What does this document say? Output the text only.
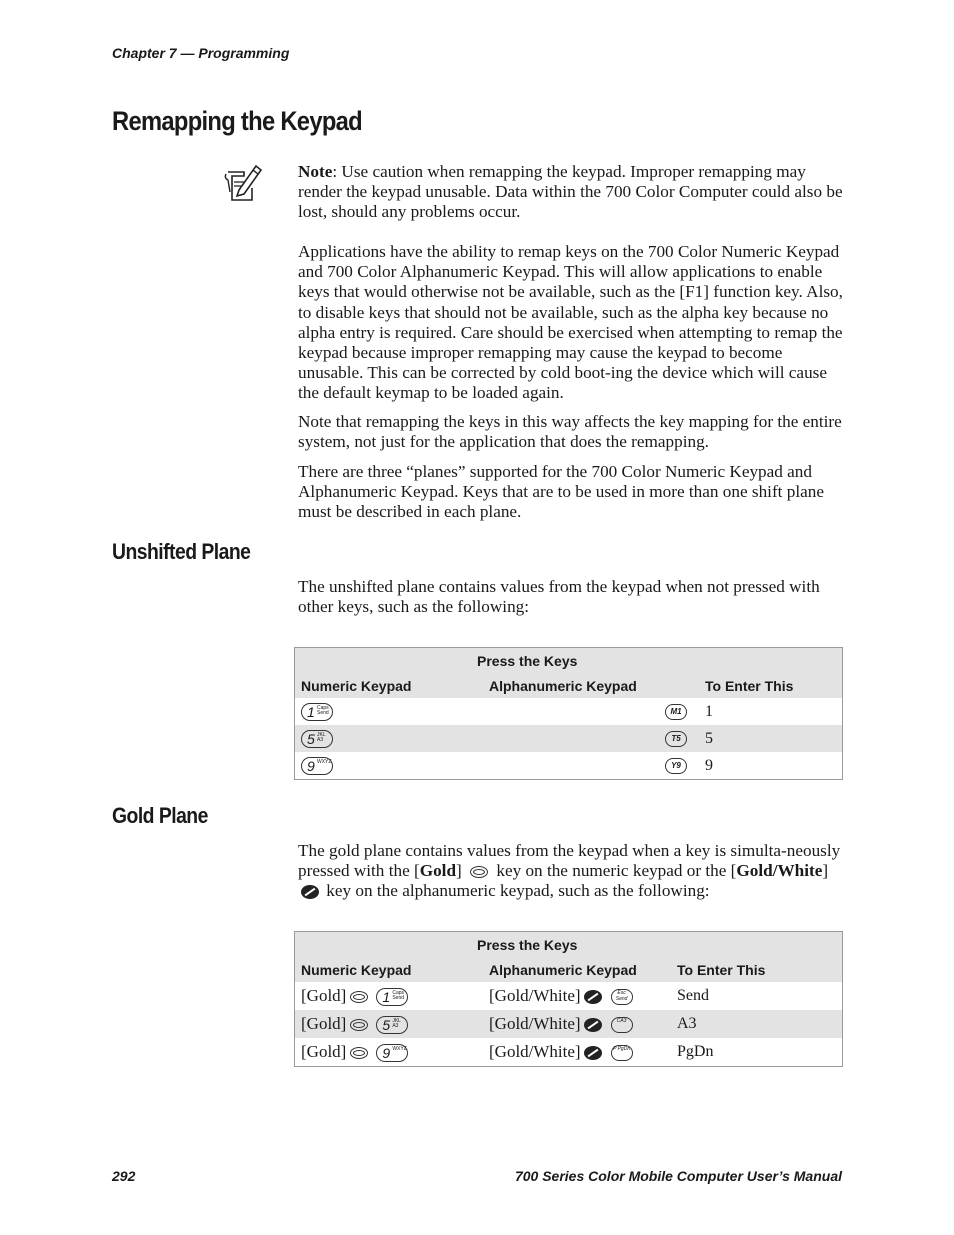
Chapter 7 — Programming
Remapping the Keypad

Note: Use caution when remapping the keypad. Improper remapping may render the keypad unusable. Data within the 700 Color Computer could also be lost, should any problems occur.

Applications have the ability to remap keys on the 700 Color Numeric Keypad and 700 Color Alphanumeric Keypad. This will allow applications to enable keys that would otherwise not be available, such as the [F1] function key. Also, to disable keys that should not be available, such as the alpha key because no alpha entry is required. Care should be exercised when attempting to remap the keypad because improper remapping may cause the keypad to become unusable. This can be corrected by cold boot-ing the device which will cause the default keymap to be loaded again.

Note that remapping the keys in this way affects the key mapping for the entire system, not just for the application that does the remapping.

There are three “planes” supported for the 700 Color Numeric Keypad and Alphanumeric Keypad. Keys that are to be used in more than one shift plane must be described in each plane.

Unshifted Plane

The unshifted plane contains values from the keypad when not pressed with other keys, such as the following:

	Press the Keys	
Numeric Keypad	Alphanumeric Keypad	To Enter This

1 Caps Send	M1	1

5 JKL A3	T5	5

9 WXYZ	Y9	9
Gold Plane

The gold plane contains values from the keypad when a key is simulta-neously pressed with the [Gold]  key on the numeric keypad or the [Gold/White]  key on the alphanumeric keypad, such as the following:

	Press the Keys	
Numeric Keypad	Alphanumeric Keypad	To Enter This
[Gold] 1 Caps Send	[Gold/White] Esc Send	Send
[Gold] 5 JKL A3	[Gold/White] CA3	A3
[Gold] 9 WXYZ	[Gold/White] P PgDn	PgDn
292	700 Series Color Mobile Computer User’s Manual
